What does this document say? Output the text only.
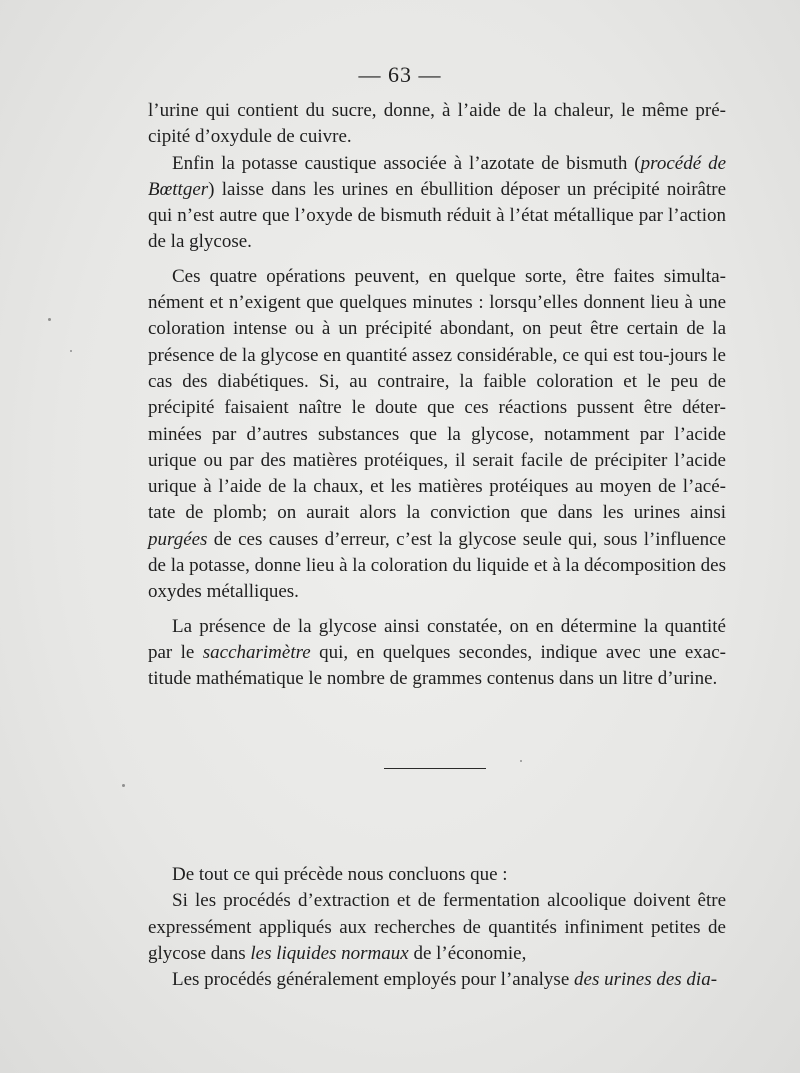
— 63 —

l’urine qui contient du sucre, donne, à l’aide de la chaleur, le même pré-cipité d’oxydule de cuivre.

Enfin la potasse caustique associée à l’azotate de bismuth (procédé de Bœttger) laisse dans les urines en ébullition déposer un précipité noirâtre qui n’est autre que l’oxyde de bismuth réduit à l’état métallique par l’action de la glycose.

Ces quatre opérations peuvent, en quelque sorte, être faites simulta-nément et n’exigent que quelques minutes : lorsqu’elles donnent lieu à une coloration intense ou à un précipité abondant, on peut être certain de la présence de la glycose en quantité assez considérable, ce qui est tou-jours le cas des diabétiques. Si, au contraire, la faible coloration et le peu de précipité faisaient naître le doute que ces réactions pussent être déter-minées par d’autres substances que la glycose, notamment par l’acide urique ou par des matières protéiques, il serait facile de précipiter l’acide urique à l’aide de la chaux, et les matières protéiques au moyen de l’acé-tate de plomb; on aurait alors la conviction que dans les urines ainsi purgées de ces causes d’erreur, c’est la glycose seule qui, sous l’influence de la potasse, donne lieu à la coloration du liquide et à la décomposition des oxydes métalliques.

La présence de la glycose ainsi constatée, on en détermine la quantité par le saccharimètre qui, en quelques secondes, indique avec une exac-titude mathématique le nombre de grammes contenus dans un litre d’urine.

De tout ce qui précède nous concluons que :

Si les procédés d’extraction et de fermentation alcoolique doivent être expressément appliqués aux recherches de quantités infiniment petites de glycose dans les liquides normaux de l’économie,

Les procédés généralement employés pour l’analyse des urines des dia-
